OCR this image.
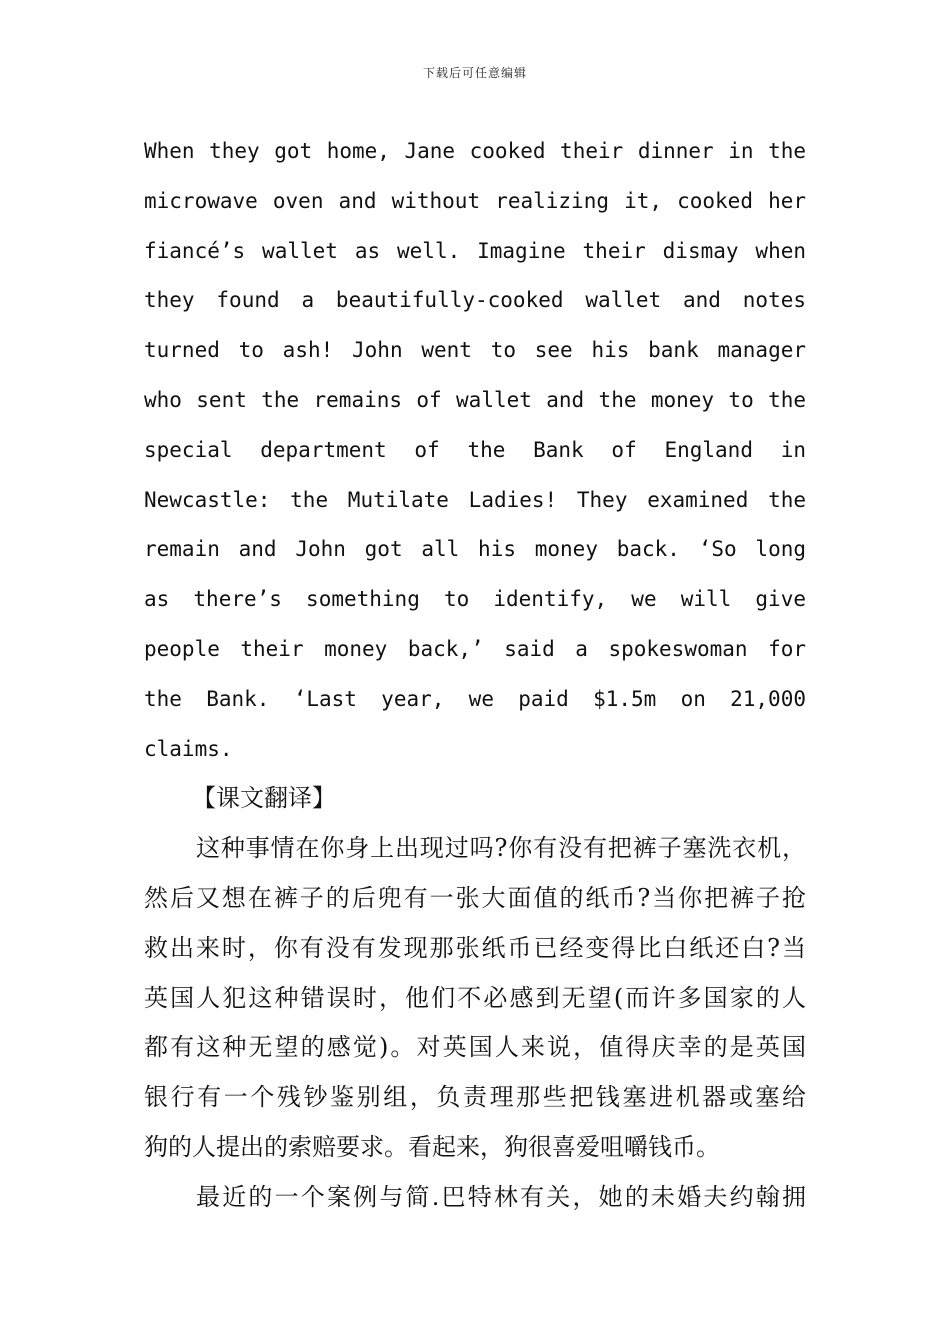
下载后可任意编辑
When they got home, Jane cooked their dinner in the
microwave oven and without realizing it, cooked her
fiancé’s wallet as well. Imagine their dismay when
they found a beautifully-cooked wallet and notes
turned to ash! John went to see his bank manager
who sent the remains of wallet and the money to the
special department of the Bank of England in
Newcastle: the Mutilate Ladies! They examined the
remain and John got all his money back. ‘So long
as there’s something to identify, we will give
people their money back,’ said a spokeswoman for
the Bank. ‘Last year, we paid $1.5m on 21,000
claims.
【课文翻译】
这种事情在你身上出现过吗?你有没有把裤子塞洗衣机，
然后又想在裤子的后兜有一张大面值的纸币?当你把裤子抢
救出来时，你有没有发现那张纸币已经变得比白纸还白?当
英国人犯这种错误时，他们不必感到无望(而许多国家的人
都有这种无望的感觉)。对英国人来说，值得庆幸的是英国
银行有一个残钞鉴别组，负责理那些把钱塞进机器或塞给
狗的人提出的索赔要求。看起来，狗很喜爱咀嚼钱币。
最近的一个案例与简.巴特林有关，她的未婚夫约翰拥
